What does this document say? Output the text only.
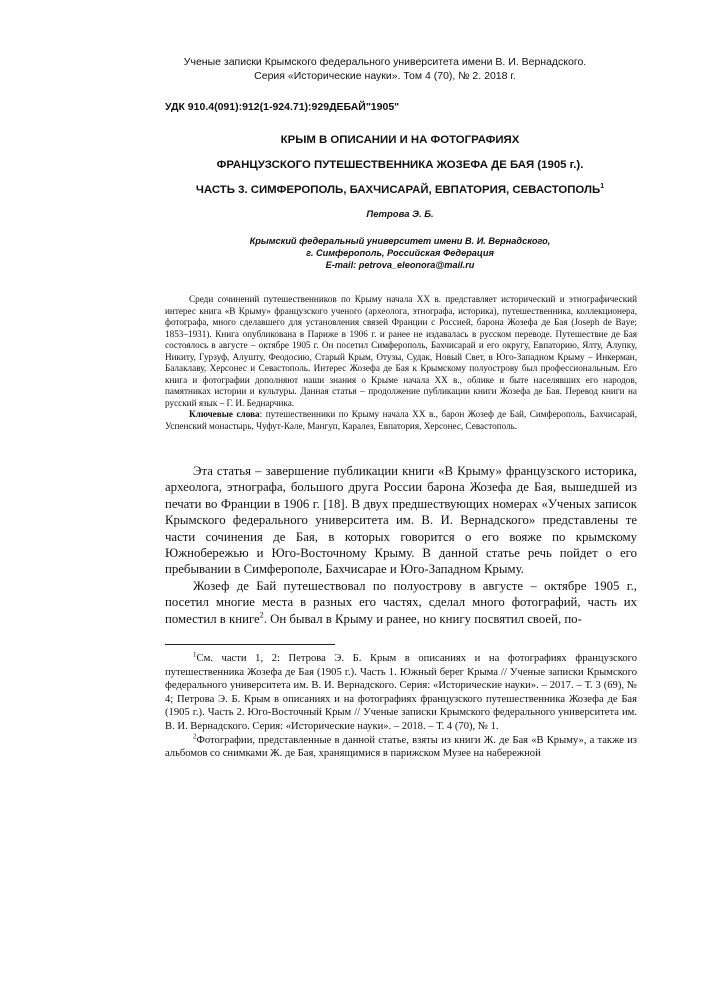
Ученые записки Крымского федерального университета имени В. И. Вернадского.
Серия «Исторические науки». Том 4 (70), № 2. 2018 г.
УДК 910.4(091):912(1-924.71):929ДЕБАЙ"1905"
КРЫМ В ОПИСАНИИ И НА ФОТОГРАФИЯХ
ФРАНЦУЗСКОГО ПУТЕШЕСТВЕННИКА ЖОЗЕФА ДЕ БАЯ (1905 г.).
ЧАСТЬ 3. СИМФЕРОПОЛЬ, БАХЧИСАРАЙ, ЕВПАТОРИЯ, СЕВАСТОПОЛЬ$^1$
Петрова Э. Б.
Крымский федеральный университет имени В. И. Вернадского,
г. Симферополь, Российская Федерация
E-mail: petrova_eleonora@mail.ru

Среди сочинений путешественников по Крыму начала XX в. представляет исторический и этнографический интерес книга «В Крыму» французского ученого (археолога, этнографа, историка), путешественника, коллекционера, фотографа, много сделавшего для установления связей Франции с Россией, барона Жозефа де Бая (Joseph de Baye; 1853–1931). Книга опубликована в Париже в 1906 г. и ранее не издавалась в русском переводе. Путешествие де Бая состоялось в августе – октябре 1905 г. Он посетил Симферополь, Бахчисарай и его округу, Евпаторию, Ялту, Алупку, Никиту, Гурзуф, Алушту, Феодосию, Старый Крым, Отузы, Судак, Новый Свет, в Юго-Западном Крыму – Инкерман, Балаклаву, Херсонес и Севастополь. Интерес Жозефа де Бая к Крымскому полуострову был профессиональным. Его книга и фотографии дополняют наши знания о Крыме начала XX в., облике и быте населявших его народов, памятниках истории и культуры. Данная статья – продолжение публикации книги Жозефа де Бая. Перевод книги на русский язык – Г. И. Беднарчика.

Ключевые слова: путешественники по Крыму начала XX в., барон Жозеф де Бай, Симферополь, Бахчисарай, Успенский монастырь, Чуфут-Кале, Мангуп, Каралез, Евпатория, Херсонес, Севастополь.

Эта статья – завершение публикации книги «В Крыму» французского историка, археолога, этнографа, большого друга России барона Жозефа де Бая, вышедшей из печати во Франции в 1906 г. [18]. В двух предшествующих номерах «Ученых записок Крымского федерального университета им. В. И. Вернадского» представлены те части сочинения де Бая, в которых говорится о его вояже по крымскому Южнобережью и Юго-Восточному Крыму. В данной статье речь пойдет о его пребывании в Симферополе, Бахчисарае и Юго-Западном Крыму.

Жозеф де Бай путешествовал по полуострову в августе – октябре 1905 г., посетил многие места в разных его частях, сделал много фотографий, часть их поместил в книге$^2$. Он бывал в Крыму и ранее, но книгу посвятил своей, по-

$^1$См. части 1, 2: Петрова Э. Б. Крым в описаниях и на фотографиях французского путешественника Жозефа де Бая (1905 г.). Часть 1. Южный берег Крыма // Ученые записки Крымского федерального университета им. В. И. Вернадского. Серия: «Исторические науки». – 2017. – Т. 3 (69), № 4; Петрова Э. Б. Крым в описаниях и на фотографиях французского путешественника Жозефа де Бая (1905 г.). Часть 2. Юго-Восточный Крым // Ученые записки Крымского федерального университета им. В. И. Вернадского. Серия: «Исторические науки». – 2018. – Т. 4 (70), № 1.

$^2$Фотографии, представленные в данной статье, взяты из книги Ж. де Бая «В Крыму», а также из альбомов со снимками Ж. де Бая, хранящимися в парижском Музее на набережной
